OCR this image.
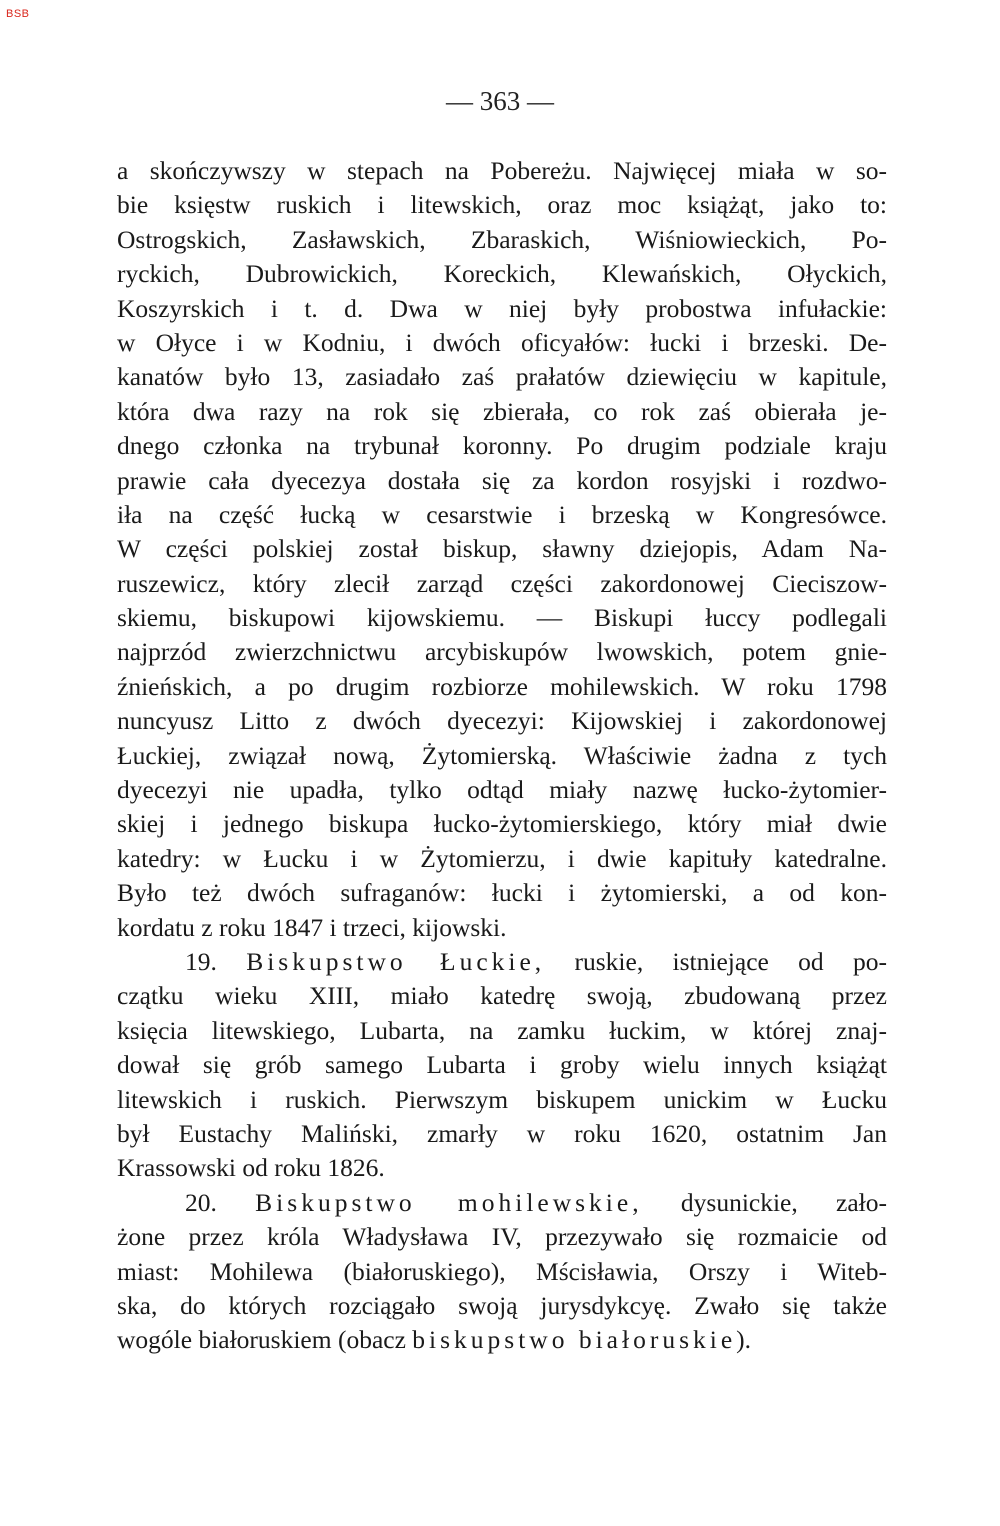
BSB
— 363 —
a skończywszy w stepach na Pobereżu. Najwięcej miała w so-
bie księstw ruskich i litewskich, oraz moc książąt, jako to:
Ostrogskich, Zasławskich, Zbaraskich, Wiśniowieckich, Po-
ryckich, Dubrowickich, Koreckich, Klewańskich, Ołyckich,
Koszyrskich i t. d. Dwa w niej były probostwa infułackie:
w Ołyce i w Kodniu, i dwóch oficyałów: łucki i brzeski. De-
kanatów było 13, zasiadało zaś prałatów dziewięciu w kapitule,
która dwa razy na rok się zbierała, co rok zaś obierała je-
dnego członka na trybunał koronny. Po drugim podziale kraju
prawie cała dyecezya dostała się za kordon rosyjski i rozdwo-
iła na część łucką w cesarstwie i brzeską w Kongresówce.
W części polskiej został biskup, sławny dziejopis, Adam Na-
ruszewicz, który zlecił zarząd części zakordonowej Cieciszow-
skiemu, biskupowi kijowskiemu. — Biskupi łuccy podlegali
najprzód zwierzchnictwu arcybiskupów lwowskich, potem gnie-
źnieńskich, a po drugim rozbiorze mohilewskich. W roku 1798
nuncyusz Litto z dwóch dyecezyi: Kijowskiej i zakordonowej
Łuckiej, związał nową, Żytomierską. Właściwie żadna z tych
dyecezyi nie upadła, tylko odtąd miały nazwę łucko-żytomier-
skiej i jednego biskupa łucko-żytomierskiego, który miał dwie
katedry: w Łucku i w Żytomierzu, i dwie kapituły katedralne.
Było też dwóch sufraganów: łucki i żytomierski, a od kon-
kordatu z roku 1847 i trzeci, kijowski.
19. Biskupstwo Łuckie, ruskie, istniejące od po-
czątku wieku XIII, miało katedrę swoją, zbudowaną przez
księcia litewskiego, Lubarta, na zamku łuckim, w której znaj-
dował się grób samego Lubarta i groby wielu innych książąt
litewskich i ruskich. Pierwszym biskupem unickim w Łucku
był Eustachy Maliński, zmarły w roku 1620, ostatnim Jan
Krassowski od roku 1826.
20. Biskupstwo mohilewskie, dysunickie, zało-
żone przez króla Władysława IV, przezywało się rozmaicie od
miast: Mohilewa (białoruskiego), Mścisławia, Orszy i Witeb-
ska, do których rozciągało swoją jurysdykcyę. Zwało się także
wogóle białoruskiem (obacz biskupstwo białoruskie).
